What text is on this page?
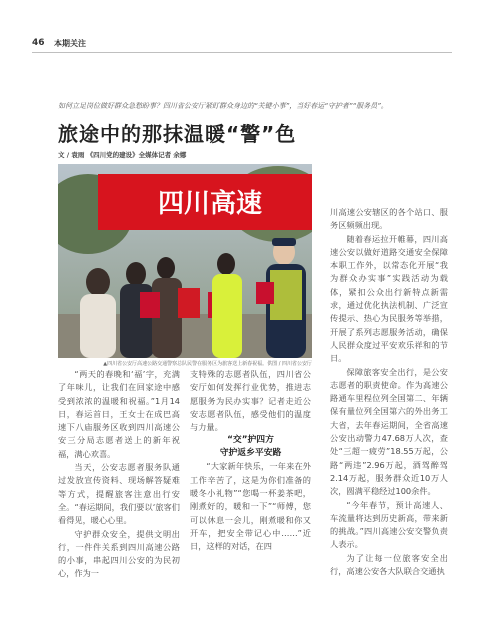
46 本期关注
如何立足岗位做好群众急愁盼事？四川省公安厅紧盯群众身边的“关键小事”，当好春运“守护者”“服务员”。
旅途中的那抹温暖“警”色
文 / 袁雨 《四川党的建设》全媒体记者 余娜
四川高速
▲四川省公安厅高速公路交通警察总队民警在服务区为旅客送上新春祝福。供图 / 四川省公安厅

“两天的春晚和‘福’字，充满了年味儿，让我们在回家途中感受到浓浓的温暖和祝福。”1月14日，春运首日，王女士在成巴高速下八庙服务区收到四川高速公安三分局志愿者送上的新年祝福，满心欢喜。

当天，公安志愿者服务队通过发放宣传资料、现场解答疑难等方式，提醒旅客注意出行安全。“春运期间，我们要以‘旅客们看得见，暖心心里。

守护群众安全，提供文明出行，一件件关系到四川高速公路的小事，串起四川公安的为民初心，作为一

支特殊的志愿者队伍，四川省公安厅如何发挥行业优势，推进志愿服务为民办实事？记者走近公安志愿者队伍，感受他们的温度与力量。

“交”护四方

守护返乡平安路

“大家新年快乐，一年来在外工作辛苦了，这是为你们准备的暖冬小礼物”“您喝一杯姜茶吧，刚煮好的，暖和一下”“师傅，您可以休息一会儿，刚煮暖和你又开车，把安全带记心中……”近日，这样的对话，在四

川高速公安辖区的各个站口、服务区频频出现。

随着春运拉开帷幕，四川高速公安以做好道路交通安全保障本职工作外，以常态化开展“我为群众办实事”实践活动为载体，紧扣公众出行新特点新需求，通过优化执法机制、广泛宣传提示、热心为民服务等举措，开展了系列志愿服务活动，确保人民群众度过平安欢乐祥和的节日。

保障旅客安全出行，是公安志愿者的职责使命。作为高速公路通车里程位列全国第二、年辆保有量位列全国第六的外出务工大省，去年春运期间，全省高速公安出动警力47.68万人次，查处“三超一疲劳”18.55万起，公路“两违”2.96万起，酒驾醉驾2.14万起，服务群众近10万人次，圆满平稳经过100余件。

“今年春节，预计高速人、车流量将达到历史新高，带来新的挑战。”四川高速公安交警负责人表示。

为了让每一位旅客安全出行，高速公安各大队联合交通执
